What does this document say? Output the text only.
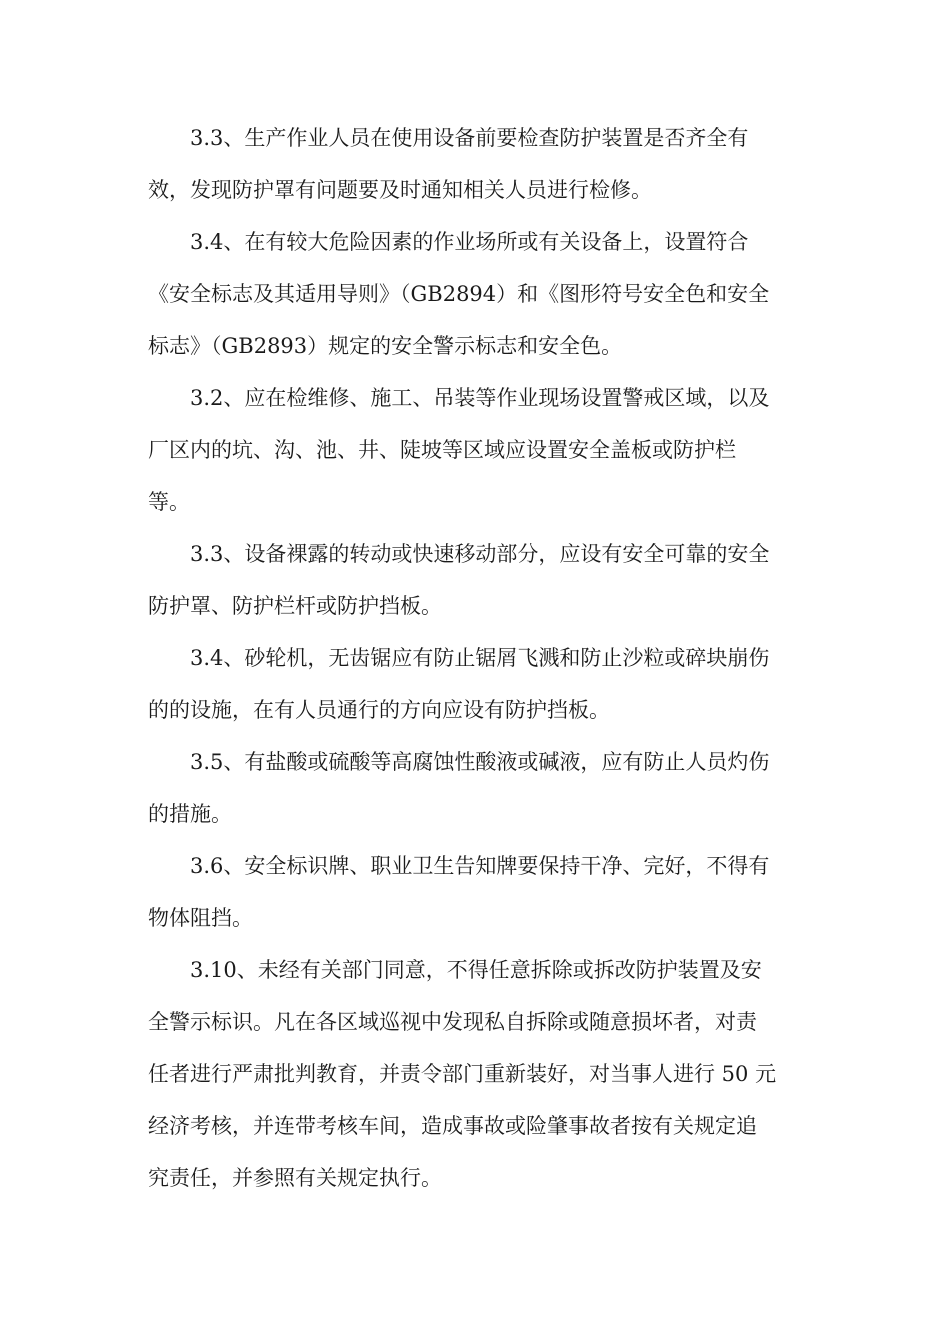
3.3、生产作业人员在使用设备前要检查防护装置是否齐全有
效，发现防护罩有问题要及时通知相关人员进行检修。

3.4、在有较大危险因素的作业场所或有关设备上，设置符合
《安全标志及其适用导则》（GB2894）和《图形符号安全色和安全
标志》（GB2893）规定的安全警示标志和安全色。

3.2、应在检维修、施工、吊装等作业现场设置警戒区域，以及
厂区内的坑、沟、池、井、陡坡等区域应设置安全盖板或防护栏
等。

3.3、设备裸露的转动或快速移动部分，应设有安全可靠的安全
防护罩、防护栏杆或防护挡板。

3.4、砂轮机，无齿锯应有防止锯屑飞溅和防止沙粒或碎块崩伤
的的设施，在有人员通行的方向应设有防护挡板。

3.5、有盐酸或硫酸等高腐蚀性酸液或碱液，应有防止人员灼伤
的措施。

3.6、安全标识牌、职业卫生告知牌要保持干净、完好，不得有
物体阻挡。

3.10、未经有关部门同意，不得任意拆除或拆改防护装置及安
全警示标识。凡在各区域巡视中发现私自拆除或随意损坏者，对责
任者进行严肃批判教育，并责令部门重新装好，对当事人进行 50 元
经济考核，并连带考核车间，造成事故或险肇事故者按有关规定追
究责任，并参照有关规定执行。
